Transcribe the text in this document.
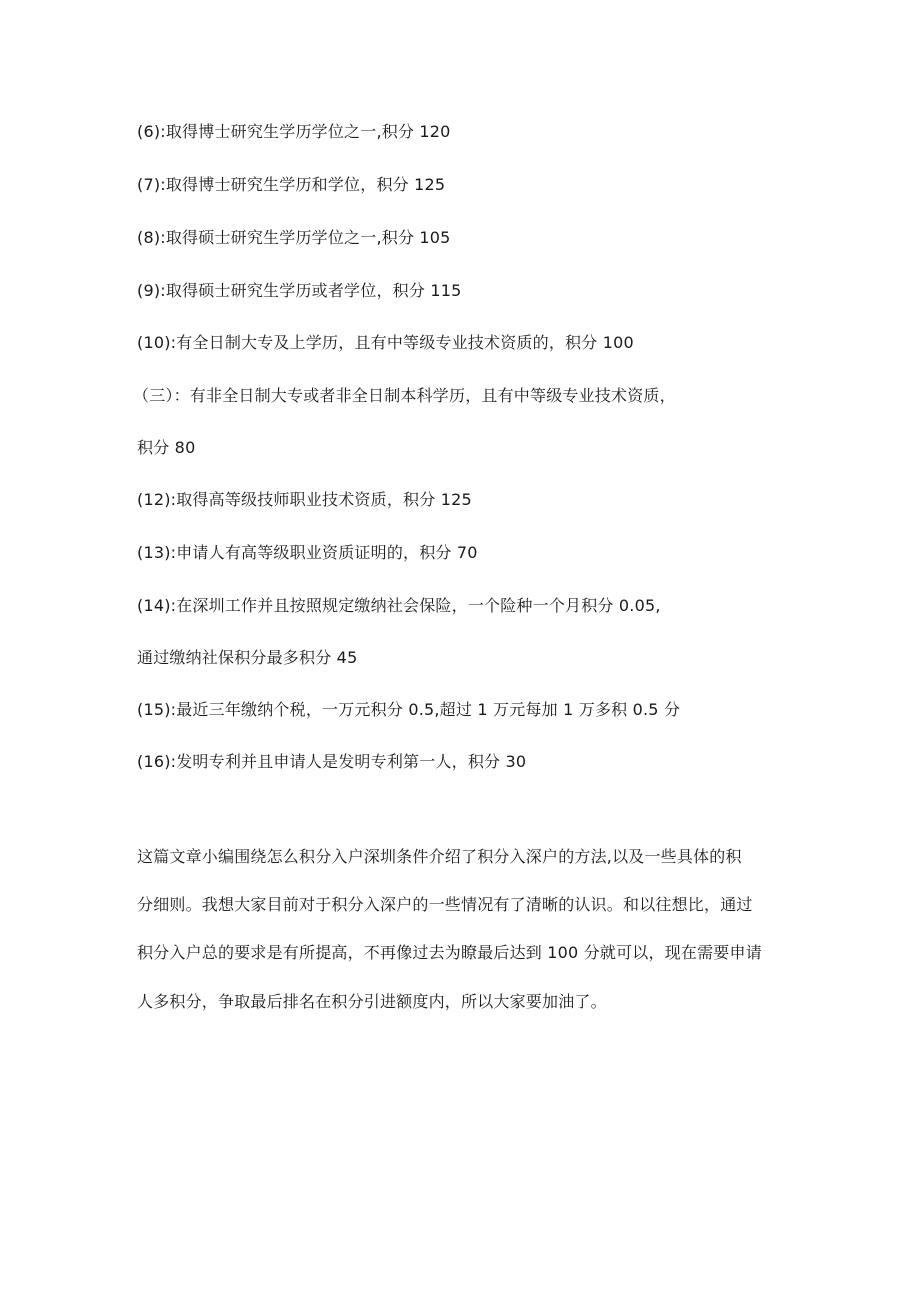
(6):取得博士研究生学历学位之一,积分 120
(7):取得博士研究生学历和学位，积分 125
(8):取得硕士研究生学历学位之一,积分 105
(9):取得硕士研究生学历或者学位，积分 115
(10):有全日制大专及上学历，且有中等级专业技术资质的，积分 100
（三）：有非全日制大专或者非全日制本科学历，且有中等级专业技术资质，
积分 80
(12):取得高等级技师职业技术资质，积分 125
(13):申请人有高等级职业资质证明的，积分 70
(14):在深圳工作并且按照规定缴纳社会保险，一个险种一个月积分 0.05,
通过缴纳社保积分最多积分 45
(15):最近三年缴纳个税，一万元积分 0.5,超过 1 万元每加 1 万多积 0.5 分
(16):发明专利并且申请人是发明专利第一人，积分 30
这篇文章小编围绕怎么积分入户深圳条件介绍了积分入深户的方法,以及一些具体的积
分细则。我想大家目前对于积分入深户的一些情况有了清晰的认识。和以往想比，通过
积分入户总的要求是有所提高，不再像过去为瞭最后达到 100 分就可以，现在需要申请
人多积分，争取最后排名在积分引进额度内，所以大家要加油了。
